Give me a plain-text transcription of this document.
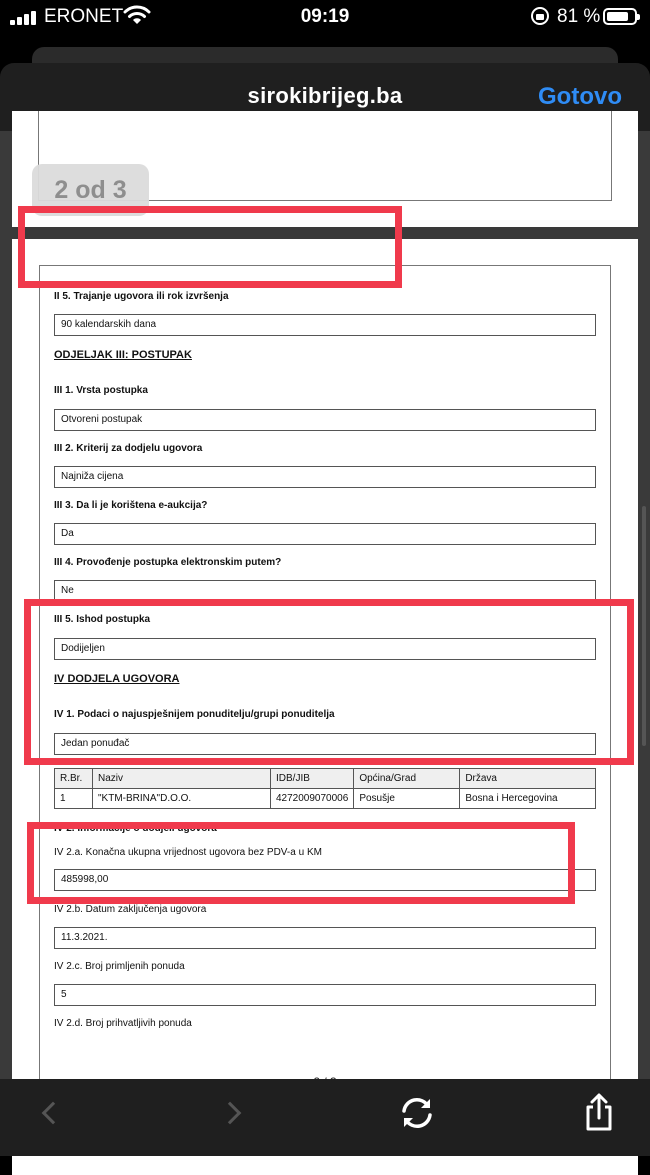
ERONET	09:19	81 %
sirokibrijeg.ba	Gotovo
II 5. Trajanje ugovora ili rok izvršenja
90 kalendarskih dana
ODJELJAK III: POSTUPAK
III 1. Vrsta postupka
Otvoreni postupak
III 2. Kriterij za dodjelu ugovora
Najniža cijena
III 3. Da li je korištena e-aukcija?
Da
III 4. Provođenje postupka elektronskim putem?
Ne
III 5. Ishod postupka
Dodijeljen
IV DODJELA UGOVORA
IV 1. Podaci o najuspješnijem ponuditelju/grupi ponuditelja
Jedan ponuđač
R.Br.	Naziv	IDB/JIB	Općina/Grad	Država
1	"KTM-BRINA"D.O.O.	4272009070006	Posušje	Bosna i Hercegovina
IV 2. Informacije o dodjeli ugovora
IV 2.a. Konačna ukupna vrijednost ugovora bez PDV-a u KM
485998,00
IV 2.b. Datum zaključenja ugovora
11.3.2021.
IV 2.c. Broj primljenih ponuda
5
IV 2.d. Broj prihvatljivih ponuda
2 od 3
